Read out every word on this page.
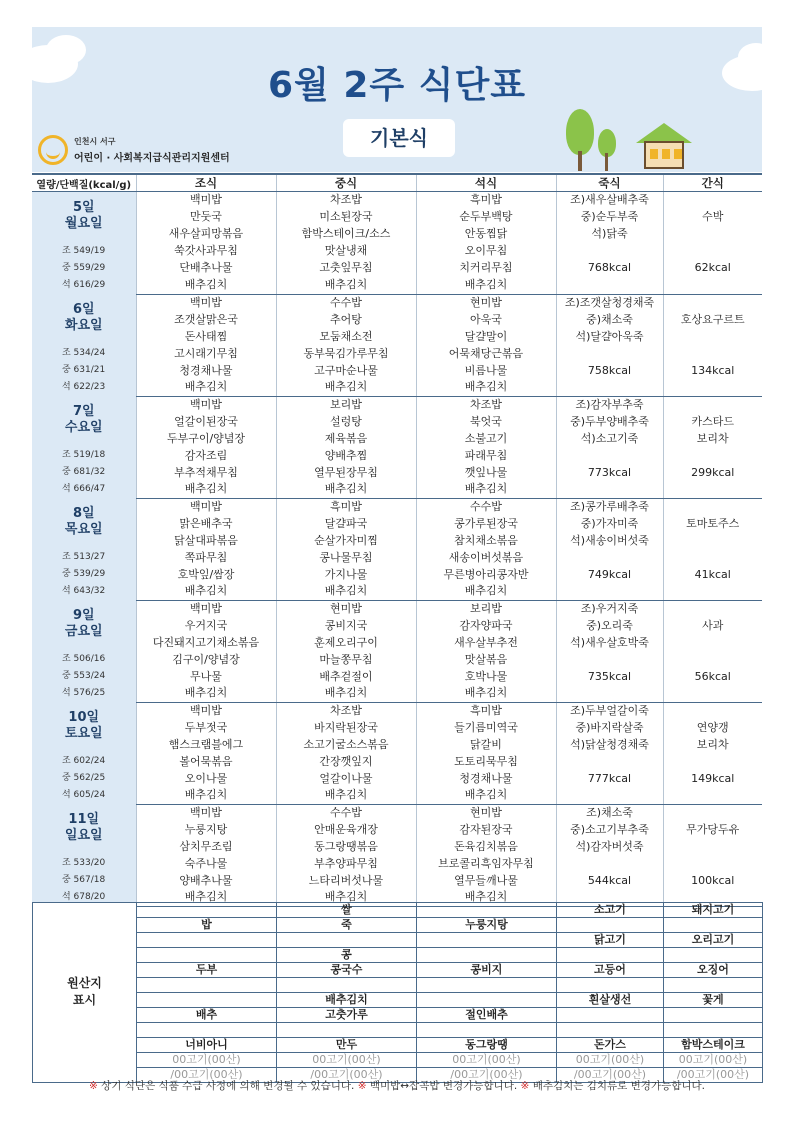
6월 2주 식단표
기본식
인천시 서구
어린이 · 사회복지급식관리지원센터
열량/단백질(kcal/g)	조식	중식	석식	죽식	간식

5일
월요일
조 549/19
중 559/29
석 616/29	백미밥	차조밥	흑미밥	조)새우살배추죽	
	만둣국	미소된장국	순두부백탕	중)순두부죽	수박
	새우살피망볶음	함박스테이크/소스	안동찜닭	석)닭죽	
	쑥갓사과무침	맛살냉채	오이무침		
	단배추나물	고춧잎무침	치커리무침	768kcal	62kcal
	배추김치	배추김치	배추김치		

6일
화요일
조 534/24
중 631/21
석 622/23	백미밥	수수밥	현미밥	조)조갯살청경채죽	
	조갯살맑은국	추어탕	아욱국	중)채소죽	호상요구르트
	돈사태찜	모둠채소전	달걀말이	석)달걀아욱죽	
	고시래기무침	동부묵김가루무침	어묵채당근볶음		
	청경채나물	고구마순나물	비름나물	758kcal	134kcal
	배추김치	배추김치	배추김치		

7일
수요일
조 519/18
중 681/32
석 666/47	백미밥	보리밥	차조밥	조)감자부추죽	
	얼갈이된장국	설렁탕	북엇국	중)두부양배추죽	카스타드
	두부구이/양념장	제육볶음	소불고기	석)소고기죽	보리차
	감자조림	양배추찜	파래무침		
	부추적채무침	열무된장무침	깻잎나물	773kcal	299kcal
	배추김치	배추김치	배추김치		

8일
목요일
조 513/27
중 539/29
석 643/32	백미밥	흑미밥	수수밥	조)콩가루배추죽	
	맑은배추국	달걀파국	콩가루된장국	중)가자미죽	토마토주스
	닭살대파볶음	순살가자미찜	참치채소볶음	석)새송이버섯죽	
	쪽파무침	콩나물무침	새송이버섯볶음		
	호박잎/쌈장	가지나물	무른병아리콩자반	749kcal	41kcal
	배추김치	배추김치	배추김치		

9일
금요일
조 506/16
중 553/24
석 576/25	백미밥	현미밥	보리밥	조)우거지죽	
	우거지국	콩비지국	감자양파국	중)오리죽	사과
	다진돼지고기채소볶음	훈제오리구이	새우살부추전	석)새우살호박죽	
	김구이/양념장	마늘쫑무침	맛살볶음		
	무나물	배추겉절이	호박나물	735kcal	56kcal
	배추김치	배추김치	배추김치		

10일
토요일
조 602/24
중 562/25
석 605/24	백미밥	차조밥	흑미밥	조)두부얼갈이죽	
	두부젓국	바지락된장국	들기름미역국	중)바지락살죽	연양갱
	햄스크램블에그	소고기굴소스볶음	닭갈비	석)닭살청경채죽	보리차
	볼어묵볶음	간장깻잎지	도토리묵무침		
	오이나물	얼갈이나물	청경채나물	777kcal	149kcal
	배추김치	배추김치	배추김치		

11일
일요일
조 533/20
중 567/18
석 678/20	백미밥	수수밥	현미밥	조)채소죽	
	누룽지탕	안매운육개장	감자된장국	중)소고기부추죽	무가당두유
	삼치무조림	동그랑땡볶음	돈육김치볶음	석)감자버섯죽	
	숙주나물	부추양파무침	브로콜리흑임자무침		
	양배추나물	느타리버섯나물	열무들깨나물	544kcal	100kcal
	배추김치	배추김치	배추김치		
원산지
표시		쌀		소고기	돼지고기
	밥	죽	누룽지탕		
				닭고기	오리고기
		콩			
	두부	콩국수	콩비지	고등어	오징어

		배추김치		흰살생선	꽃게
	배추	고춧가루	절인배추		

	너비아니	만두	동그랑땡	돈가스	함박스테이크
	00고기(00산)	00고기(00산)	00고기(00산)	00고기(00산)	00고기(00산)
	/00고기(00산)	/00고기(00산)	/00고기(00산)	/00고기(00산)	/00고기(00산)
※ 상기 식단은 식품 수급 사정에 의해 변경될 수 있습니다. ※ 백미밥↔잡곡밥 변경가능합니다. ※ 배추김치는 김치류로 변경가능합니다.
